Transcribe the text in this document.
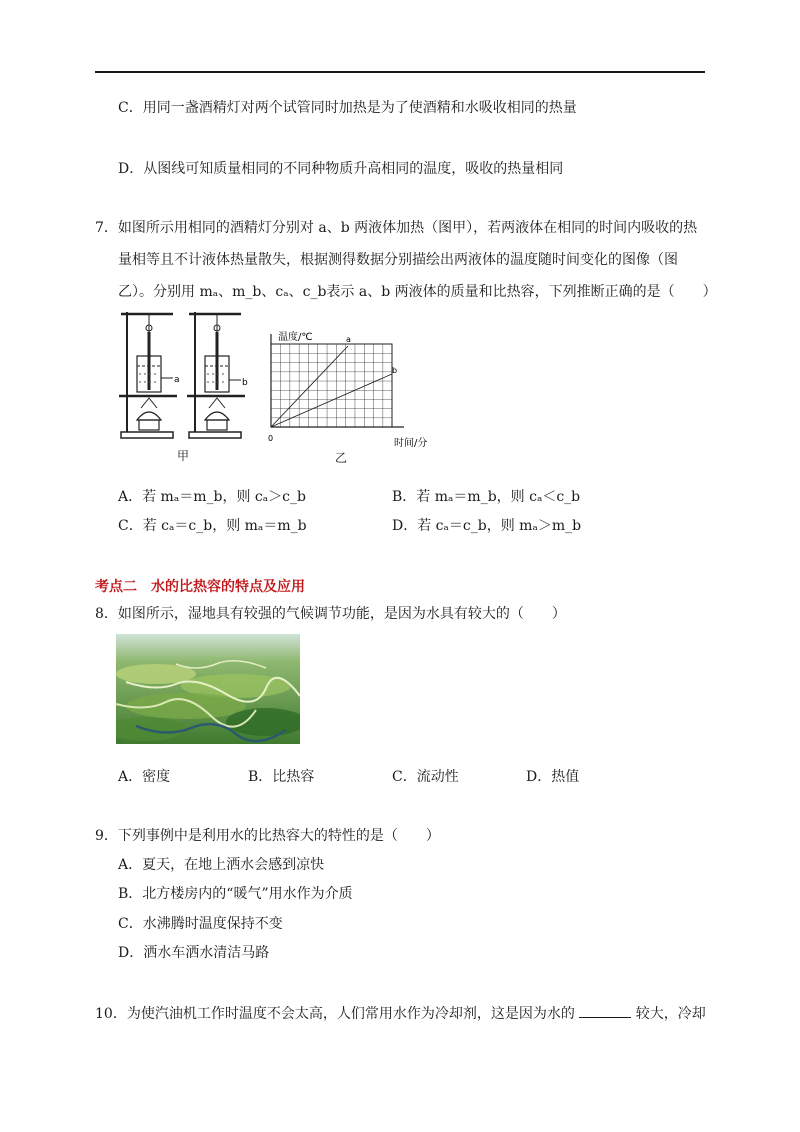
C．用同一盏酒精灯对两个试管同时加热是为了使酒精和水吸收相同的热量
D．从图线可知质量相同的不同种物质升高相同的温度，吸收的热量相同
7．如图所示用相同的酒精灯分别对 a、b 两液体加热（图甲），若两液体在相同的时间内吸收的热
量相等且不计液体热量散失，根据测得数据分别描绘出两液体的温度随时间变化的图像（图
乙）。分别用 mₐ、m_b、cₐ、c_b表示 a、b 两液体的质量和比热容，下列推断正确的是（　　）
a	b
甲
温度/℃	a
b
0	时间/分
乙
A．若 mₐ＝m_b，则 cₐ＞c_b	B．若 mₐ＝m_b，则 cₐ＜c_b
C．若 cₐ＝c_b，则 mₐ＝m_b	D．若 cₐ＝c_b，则 mₐ＞m_b
考点二　水的比热容的特点及应用
8．如图所示，湿地具有较强的气候调节功能，是因为水具有较大的（　　）
A．密度	B．比热容	C．流动性	D．热值
9．下列事例中是利用水的比热容大的特性的是（　　）
A．夏天，在地上洒水会感到凉快
B．北方楼房内的“暖气”用水作为介质
C．水沸腾时温度保持不变
D．洒水车洒水清洁马路
10．为使汽油机工作时温度不会太高，人们常用水作为冷却剂，这是因为水的	较大，冷却
